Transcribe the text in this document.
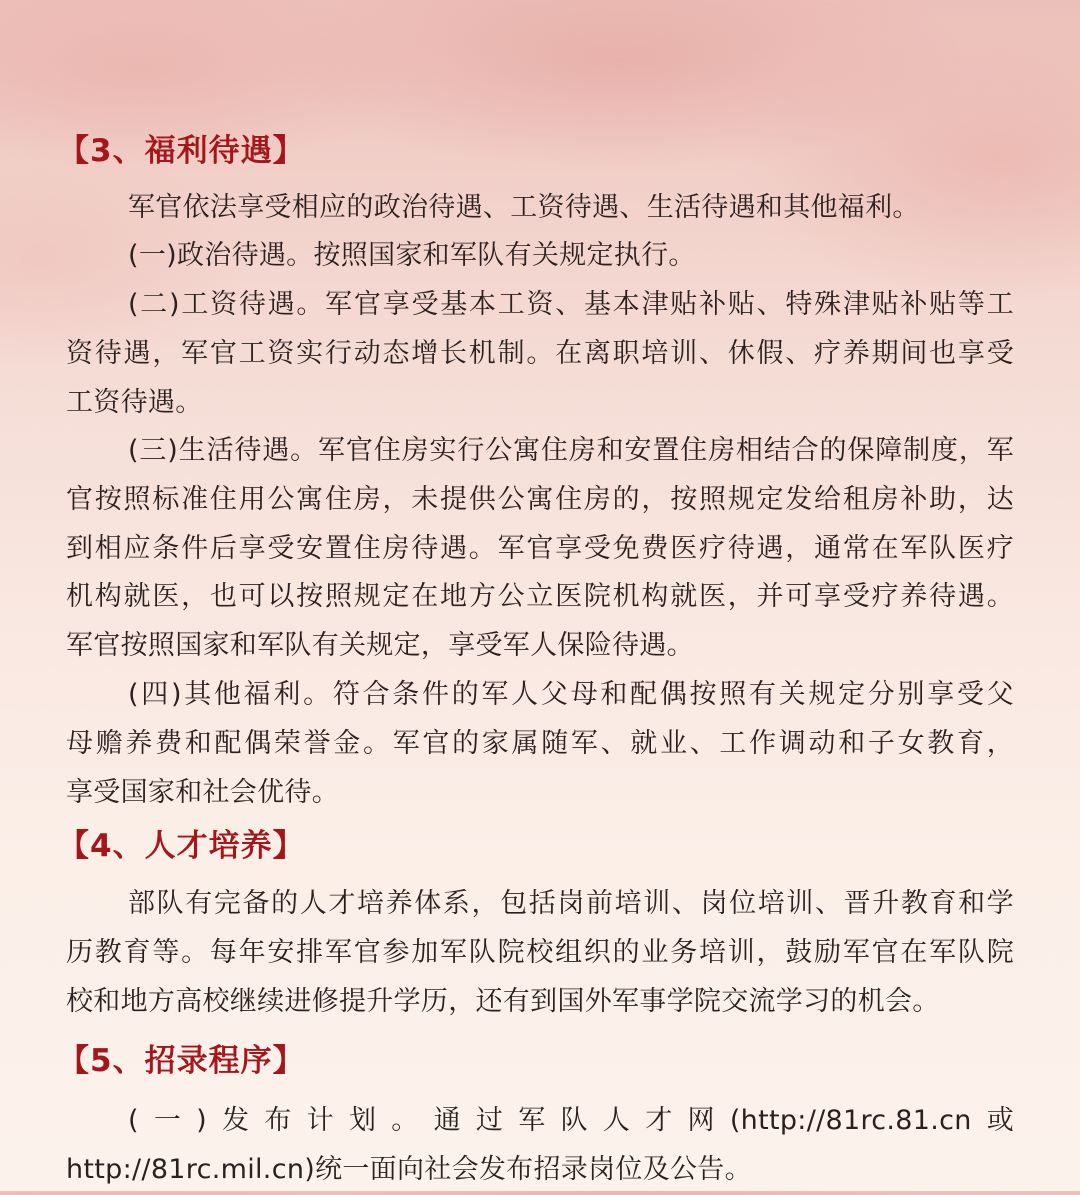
【3、福利待遇】
军官依法享受相应的政治待遇、工资待遇、生活待遇和其他福利。
(一)政治待遇。按照国家和军队有关规定执行。
(二)工资待遇。军官享受基本工资、基本津贴补贴、特殊津贴补贴等工
资待遇，军官工资实行动态增长机制。在离职培训、休假、疗养期间也享受
工资待遇。
(三)生活待遇。军官住房实行公寓住房和安置住房相结合的保障制度，军
官按照标准住用公寓住房，未提供公寓住房的，按照规定发给租房补助，达
到相应条件后享受安置住房待遇。军官享受免费医疗待遇，通常在军队医疗
机构就医，也可以按照规定在地方公立医院机构就医，并可享受疗养待遇。
军官按照国家和军队有关规定，享受军人保险待遇。
(四)其他福利。符合条件的军人父母和配偶按照有关规定分别享受父
母赡养费和配偶荣誉金。军官的家属随军、就业、工作调动和子女教育，
享受国家和社会优待。
【4、人才培养】
部队有完备的人才培养体系，包括岗前培训、岗位培训、晋升教育和学
历教育等。每年安排军官参加军队院校组织的业务培训，鼓励军官在军队院
校和地方高校继续进修提升学历，还有到国外军事学院交流学习的机会。
【5、招录程序】
(一)发布计划。通过军队人才网(http://81rc.81.cn或
http://81rc.mil.cn)统一面向社会发布招录岗位及公告。
